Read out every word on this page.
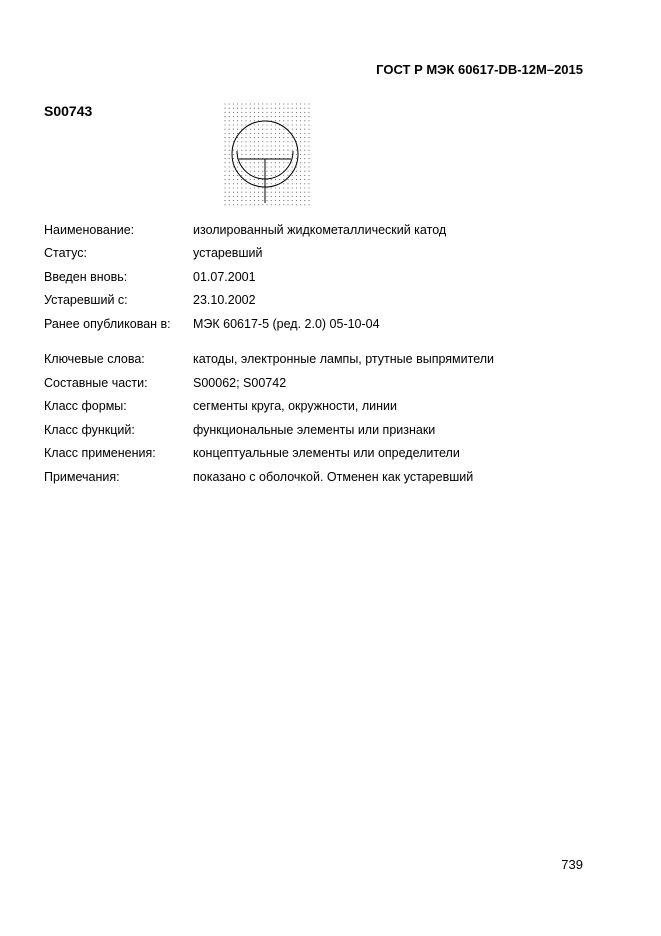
ГОСТ Р МЭК 60617-DB-12M–2015
S00743
Наименование:	изолированный жидкометаллический катод
Статус:	устаревший
Введен вновь:	01.07.2001
Устаревший с:	23.10.2002
Ранее опубликован в:	МЭК 60617-5 (ред. 2.0) 05-10-04
Ключевые слова:	катоды, электронные лампы, ртутные выпрямители
Составные части:	S00062; S00742
Класс формы:	сегменты круга, окружности, линии
Класс функций:	функциональные элементы или признаки
Класс применения:	концептуальные элементы или определители
Примечания:	показано с оболочкой. Отменен как устаревший
739
